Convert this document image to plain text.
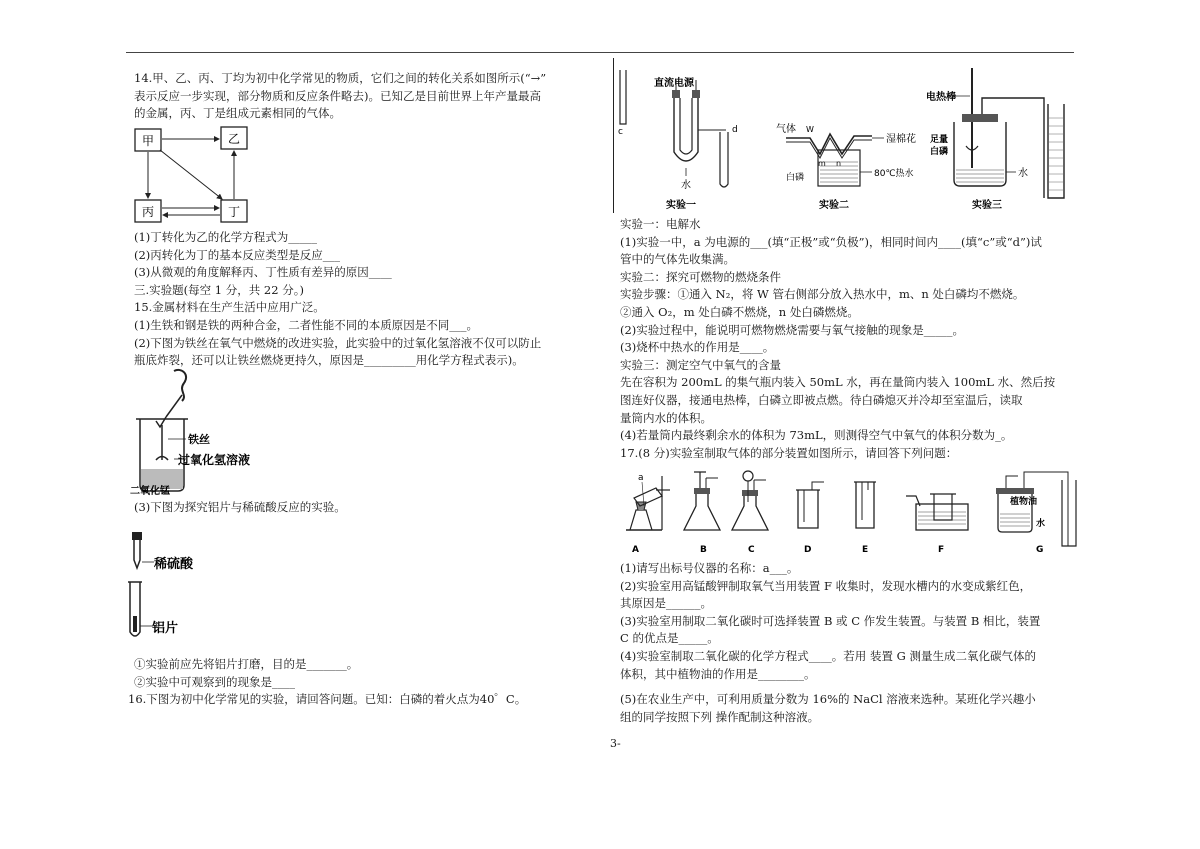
14.甲、乙、丙、丁均为初中化学常见的物质，它们之间的转化关系如图所示(“→”

表示反应一步实现，部分物质和反应条件略去)。已知乙是目前世界上年产量最高

的金属，丙、丁是组成元素相同的气体。

甲	乙
丙	丁

(1)丁转化为乙的化学方程式为_____

(2)丙转化为丁的基本反应类型是反应___

(3)从微观的角度解释丙、丁性质有差异的原因____

三.实验题(每空 1 分，共 22 分。)

15.金属材料在生产生活中应用广泛。

(1)生铁和钢是铁的两种合金，二者性能不同的本质原因是不同___。

(2)下图为铁丝在氧气中燃烧的改进实验，此实验中的过氧化氢溶液不仅可以防止

瓶底炸裂，还可以让铁丝燃烧更持久，原因是_________用化学方程式表示)。

铁丝
过氧化氢溶液
二氧化锰

(3)下图为探究铝片与稀硫酸反应的实验。

稀硫酸
铝片

①实验前应先将铝片打磨，目的是_______。

②实验中可观察到的现象是____

16.下图为初中化学常见的实验，请回答问题。已知：白磷的着火点为40゜C。

c
直流电源
d
水
实验一
气体 W
m n
湿棉花
80℃热水
白磷
实验二
电热棒
足量
白磷
水
实验三

实验一：电解水

(1)实验一中，a 为电源的___(填“正极”或“负极”)，相同时间内____(填“c”或“d”)试

管中的气体先收集满。

实验二：探究可燃物的燃烧条件

实验步骤：①通入 N₂，将 W 管右侧部分放入热水中，m、n 处白磷均不燃烧。

②通入 O₂，m 处白磷不燃烧，n 处白磷燃烧。

(2)实验过程中，能说明可燃物燃烧需要与氧气接触的现象是_____。

(3)烧杯中热水的作用是____。

实验三：测定空气中氧气的含量

先在容积为 200mL 的集气瓶内装入 50mL 水，再在量筒内装入 100mL 水、然后按

图连好仪器，接通电热棒，白磷立即被点燃。待白磷熄灭并冷却至室温后，读取

量筒内水的体积。

(4)若量筒内最终剩余水的体积为 73mL，则测得空气中氧气的体积分数为_。

17.(8 分)实验室制取气体的部分装置如图所示，请回答下列问题：

a
植物油
水
A	B	C	D	E	F	G

(1)请写出标号仪器的名称：a___。

(2)实验室用高锰酸钾制取氧气当用装置 F 收集时，发现水槽内的水变成紫红色，

其原因是______。

(3)实验室用制取二氧化碳时可选择装置 B 或 C 作发生装置。与装置 B 相比，装置

C 的优点是_____。

(4)实验室制取二氧化碳的化学方程式____。若用 装置 G 测量生成二氧化碳气体的

体积，其中植物油的作用是________。

(5)在农业生产中，可利用质量分数为 16%的 NaCl 溶液来选种。某班化学兴趣小

组的同学按照下列 操作配制这种溶液。

3-
